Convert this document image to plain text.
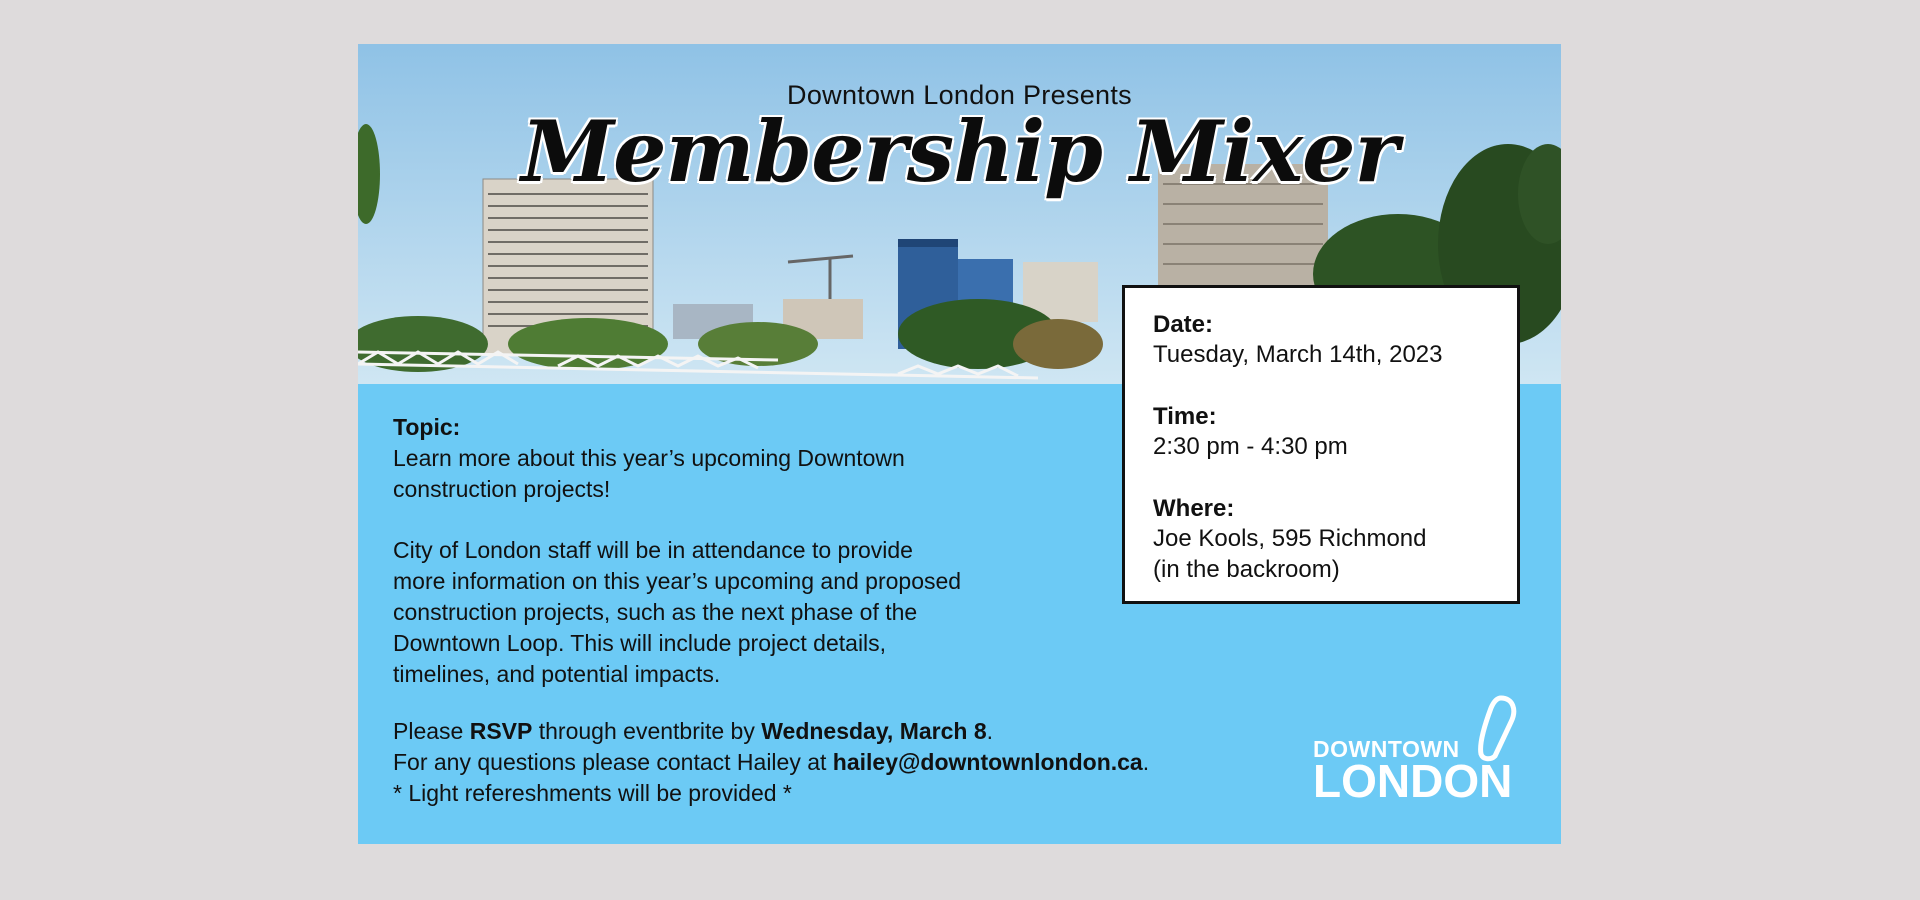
Downtown London Presents
Membership Mixer
Date:
Tuesday, March 14th, 2023
Time:
2:30 pm - 4:30 pm
Where:
Joe Kools, 595 Richmond
(in the backroom)

Topic:

Learn more about this year’s upcoming Downtown

construction projects!

City of London staff will be in attendance to provide

more information on this year’s upcoming and proposed

construction projects, such as the next phase of the

Downtown Loop. This will include project details,

timelines, and potential impacts.

Please RSVP through eventbrite by Wednesday, March 8.

For any questions please contact Hailey at hailey@downtownlondon.ca.

* Light refereshments will be provided *

DOWNTOWN
LONDON
